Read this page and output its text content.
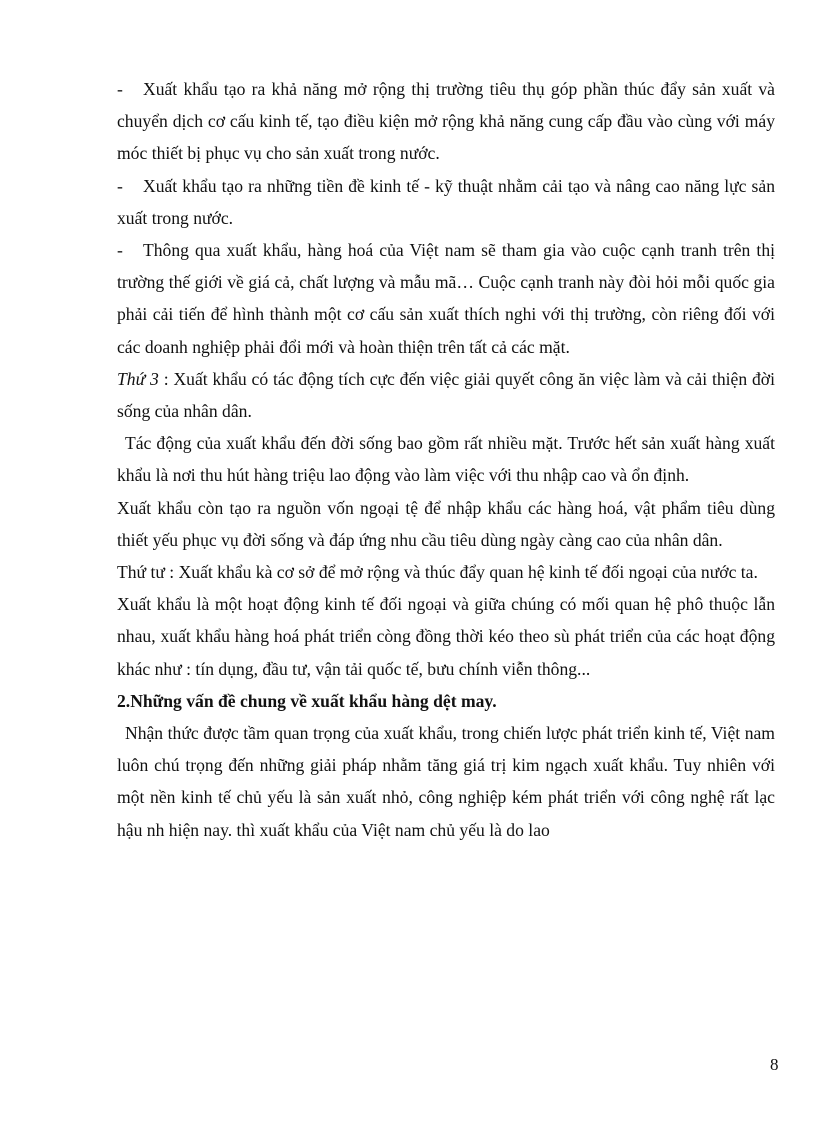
- Xuất khẩu tạo ra khả năng mở rộng thị trường tiêu thụ góp phần thúc đẩy sản xuất và chuyển dịch cơ cấu kinh tế, tạo điều kiện mở rộng khả năng cung cấp đầu vào cùng với máy móc thiết bị phục vụ cho sản xuất trong nước.

- Xuất khẩu tạo ra những tiền đề kinh tế - kỹ thuật nhằm cải tạo và nâng cao năng lực sản xuất trong nước.

- Thông qua xuất khẩu, hàng hoá của Việt nam sẽ tham gia vào cuộc cạnh tranh trên thị trường thế giới về giá cả, chất lượng và mẫu mã… Cuộc cạnh tranh này đòi hỏi mỗi quốc gia phải cải tiến để hình thành một cơ cấu sản xuất thích nghi với thị trường, còn riêng đối với các doanh nghiệp phải đổi mới và hoàn thiện trên tất cả các mặt.

Thứ 3 : Xuất khẩu có tác động tích cực đến việc giải quyết công ăn việc làm và cải thiện đời sống của nhân dân.

Tác động của xuất khẩu đến đời sống bao gồm rất nhiều mặt. Trước hết sản xuất hàng xuất khẩu là nơi thu hút hàng triệu lao động vào làm việc với thu nhập cao và ổn định.

Xuất khẩu còn tạo ra nguồn vốn ngoại tệ để nhập khẩu các hàng hoá, vật phẩm tiêu dùng thiết yếu phục vụ đời sống và đáp ứng nhu cầu tiêu dùng ngày càng cao của nhân dân.

Thứ tư : Xuất khẩu kà cơ sở để mở rộng và thúc đẩy quan hệ kinh tế đối ngoại của nước ta.

Xuất khẩu là một hoạt động kinh tế đối ngoại và giữa chúng có mối quan hệ phô thuộc lẫn nhau, xuất khẩu hàng hoá phát triển còng đồng thời kéo theo sù phát triển của các hoạt động khác như : tín dụng, đầu tư, vận tải quốc tế, bưu chính viễn thông...

2.Những vấn đề chung về xuất khẩu hàng dệt may.

Nhận thức được tầm quan trọng của xuất khẩu, trong chiến lược phát triển kinh tế, Việt nam luôn chú trọng đến những giải pháp nhằm tăng giá trị kim ngạch xuất khẩu. Tuy nhiên với một nền kinh tế chủ yếu là sản xuất nhỏ, công nghiệp kém phát triển với công nghệ rất lạc hậu nh hiện nay. thì xuất khẩu của Việt nam chủ yếu là do lao

8
